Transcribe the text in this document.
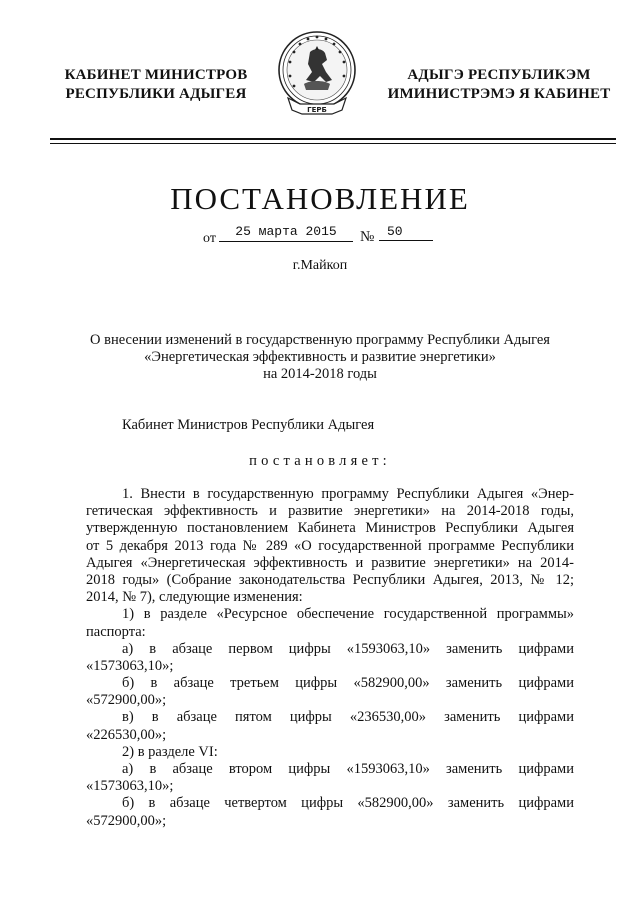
КАБИНЕТ МИНИСТРОВ
РЕСПУБЛИКИ АДЫГЕЯ
ГЕРБ
АДЫГЭ РЕСПУБЛИКЭМ
ИМИНИСТРЭМЭ Я КАБИНЕТ
ПОСТАНОВЛЕНИЕ
от	25 марта 2015	№ 50
г.Майкоп
О внесении изменений в государственную программу Республики Адыгея
«Энергетическая эффективность и развитие энергетики»
на 2014-2018 годы
Кабинет Министров Республики Адыгея
постановляет:
1. Внести в государственную программу Республики Адыгея «Энер-
гетическая эффективность и развитие энергетики» на 2014-2018 годы,
утвержденную постановлением Кабинета Министров Республики Адыгея
от 5 декабря 2013 года № 289 «О государственной программе Республики
Адыгея «Энергетическая эффективность и развитие энергетики» на 2014-
2018 годы» (Собрание законодательства Республики Адыгея, 2013, № 12;
2014, № 7), следующие изменения:
1) в разделе «Ресурсное обеспечение государственной программы»
паспорта:
а) в абзаце первом цифры «1593063,10» заменить цифрами
«1573063,10»;
б) в абзаце третьем цифры «582900,00» заменить цифрами
«572900,00»;
в) в абзаце пятом цифры «236530,00» заменить цифрами
«226530,00»;
2) в разделе VI:
а) в абзаце втором цифры «1593063,10» заменить цифрами
«1573063,10»;
б) в абзаце четвертом цифры «582900,00» заменить цифрами
«572900,00»;
